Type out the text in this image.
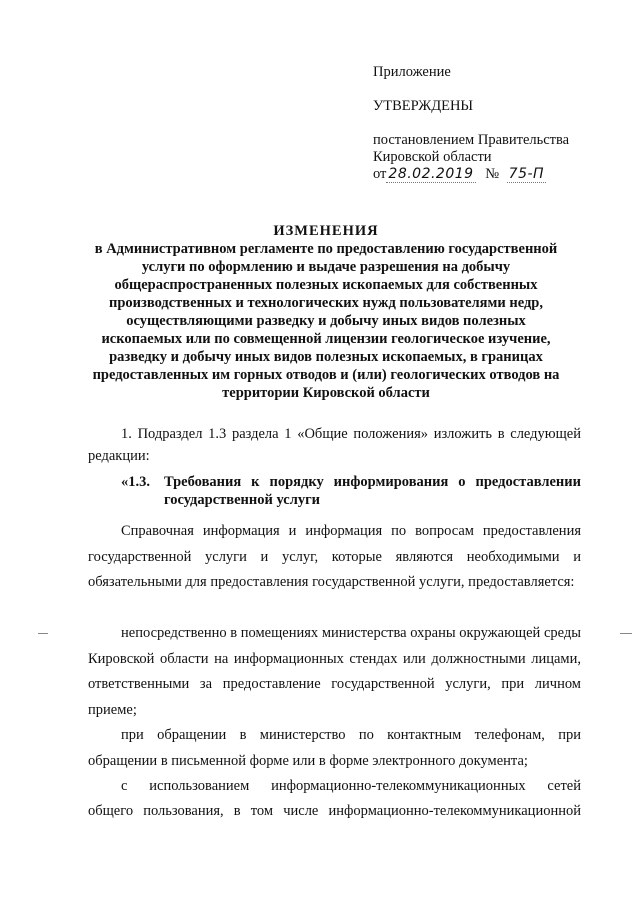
Приложение
УТВЕРЖДЕНЫ
постановлением Правительства
Кировской области
от 28.02.2019 № 75-П
ИЗМЕНЕНИЯ
в Административном регламенте по предоставлению государственной
услуги по оформлению и выдаче разрешения на добычу
общераспространенных полезных ископаемых для собственных
производственных и технологических нужд пользователями недр,
осуществляющими разведку и добычу иных видов полезных
ископаемых или по совмещенной лицензии геологическое изучение,
разведку и добычу иных видов полезных ископаемых, в границах
предоставленных им горных отводов и (или) геологических отводов на
территории Кировской области
1. Подраздел 1.3 раздела 1 «Общие положения» изложить в следующей
редакции:
«1.3. Требования к порядку информирования о предоставлении
государственной услуги
Справочная информация и информация по вопросам предоставления государственной услуги и услуг, которые являются необходимыми и обязательными для предоставления государственной услуги, предоставляется:
непосредственно в помещениях министерства охраны окружающей среды Кировской области на информационных стендах или должностными лицами, ответственными за предоставление государственной услуги, при личном приеме;
при обращении в министерство по контактным телефонам, при обращении в письменной форме или в форме электронного документа;
с использованием информационно-телекоммуникационных сетей
общего пользования, в том числе информационно-телекоммуникационной
